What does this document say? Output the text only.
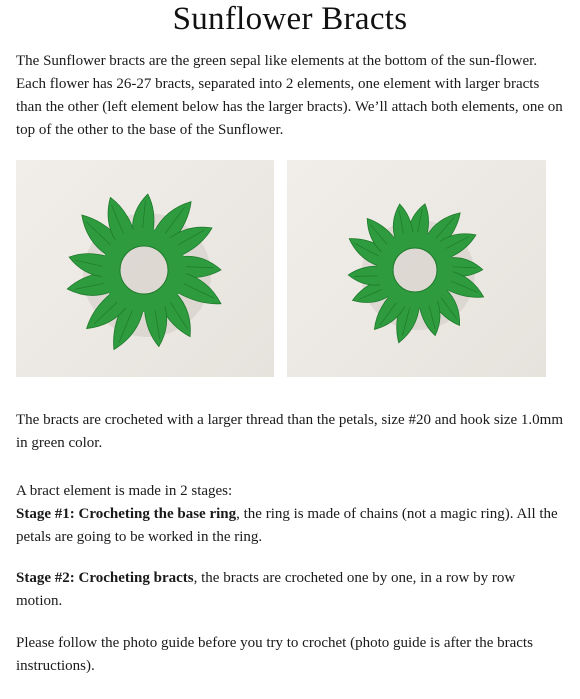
Sunflower Bracts

The Sunflower bracts are the green sepal like elements at the bottom of the sun-flower. Each flower has 26-27 bracts, separated into 2 elements, one element with larger bracts than the other (left element below has the larger bracts). We’ll attach both elements, one on top of the other to the base of the Sunflower.

The bracts are crocheted with a larger thread than the petals, size #20 and hook size 1.0mm in green color.

A bract element is made in 2 stages:
Stage #1: Crocheting the base ring, the ring is made of chains (not a magic ring). All the petals are going to be worked in the ring.

Stage #2: Crocheting bracts, the bracts are crocheted one by one, in a row by row motion.

Please follow the photo guide before you try to crochet (photo guide is after the bracts instructions).
